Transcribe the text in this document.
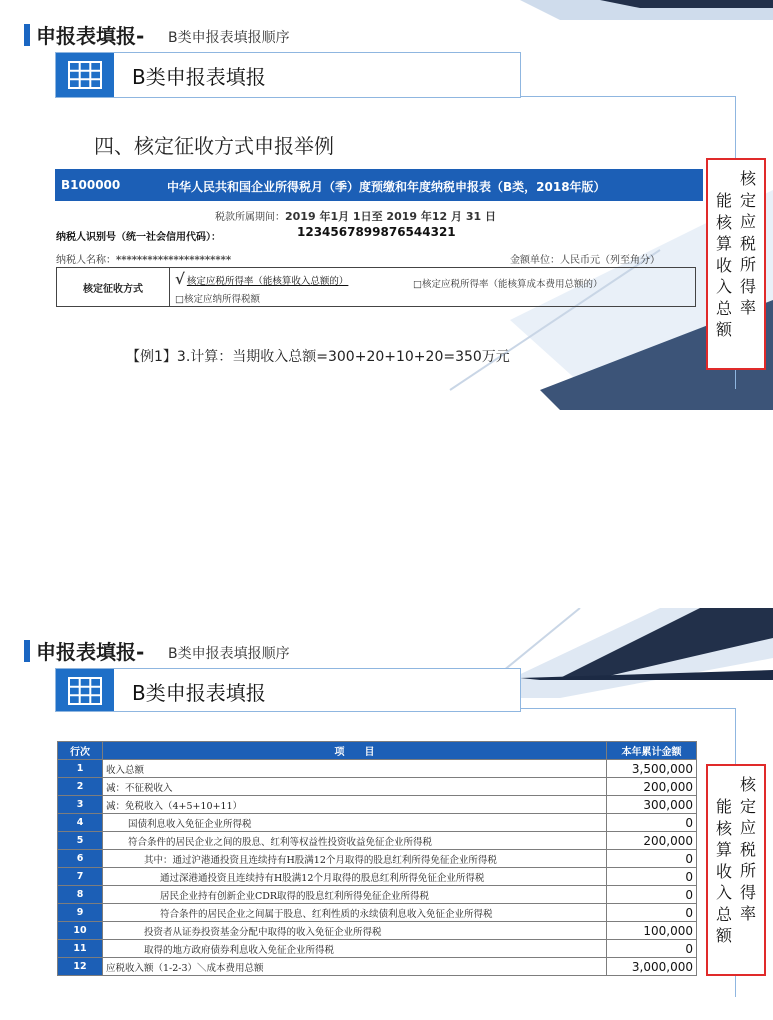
申报表填报- B类申报表填报顺序
B类申报表填报
四、核定征收方式申报举例
B100000	中华人民共和国企业所得税月（季）度预缴和年度纳税申报表（B类，2018年版）
税款所属期间：2019 年1月 1日至 2019 年12 月 31 日
纳税人识别号（统一社会信用代码）：	1234567899876544321
纳税人名称：**********************	金额单位：人民币元（列至角分）
核定征收方式
√ 核定应税所得率（能核算收入总额的）	□核定应税所得率（能核算成本费用总额的）
□核定应纳所得税额
【例1】3.计算：当期收入总额=300+20+10+20=350万元
能核算收入总额
核定应税所得率
申报表填报- B类申报表填报顺序
B类申报表填报
行次	项　　目	本年累计金额
1	收入总额	3,500,000
2	减：不征税收入	200,000
3	减：免税收入（4+5+10+11）	300,000
4	国债利息收入免征企业所得税	0
5	符合条件的居民企业之间的股息、红利等权益性投资收益免征企业所得税	200,000
6	其中：通过沪港通投资且连续持有H股满12个月取得的股息红利所得免征企业所得税	0
7	通过深港通投资且连续持有H股满12个月取得的股息红利所得免征企业所得税	0
8	居民企业持有创新企业CDR取得的股息红利所得免征企业所得税	0
9	符合条件的居民企业之间属于股息、红利性质的永续债利息收入免征企业所得税	0
10	投资者从证券投资基金分配中取得的收入免征企业所得税	100,000
11	取得的地方政府债券利息收入免征企业所得税	0
12	应税收入额（1-2-3）＼成本费用总额	3,000,000
能核算收入总额
核定应税所得率
